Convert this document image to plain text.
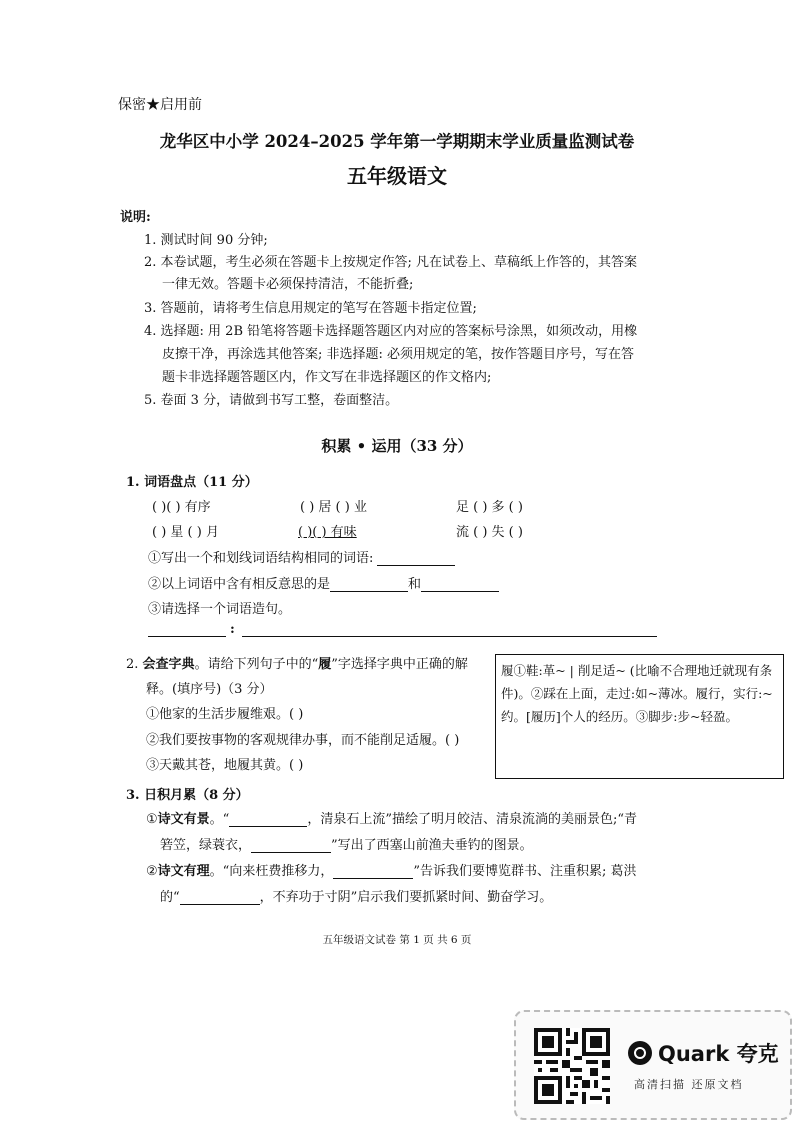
保密★启用前
龙华区中小学 2024–2025 学年第一学期期末学业质量监测试卷
五年级语文
说明:
1. 测试时间 90 分钟;
2. 本卷试题，考生必须在答题卡上按规定作答; 凡在试卷上、草稿纸上作答的，其答案
一律无效。答题卡必须保持清洁，不能折叠;
3. 答题前，请将考生信息用规定的笔写在答题卡指定位置;
4. 选择题: 用 2B 铅笔将答题卡选择题答题区内对应的答案标号涂黑，如须改动，用橡
皮擦干净，再涂选其他答案; 非选择题: 必须用规定的笔，按作答题目序号，写在答
题卡非选择题答题区内，作文写在非选择题区的作文格内;
5. 卷面 3 分，请做到书写工整，卷面整洁。
积累 • 运用（33 分）
1. 词语盘点（11 分）
( )( ) 有序	( ) 居 ( ) 业	足 ( ) 多 ( )
( ) 星 ( ) 月	( )( ) 有味	流 ( ) 失 ( )
①写出一个和划线词语结构相同的词语:
②以上词语中含有相反意思的是	和
③请选择一个词语造句。
:
2. 会查字典。请给下列句子中的“履”字选择字典中正确的解
释。(填序号)（3 分）
①他家的生活步履维艰。( )
②我们要按事物的客观规律办事，而不能削足适履。( )
③天戴其苍，地履其黄。( )
履①鞋:革~ | 削足适~ (比喻不合理地迁就现有条件)。②踩在上面，走过:如~薄冰。履行，实行:~约。[履历]个人的经历。③脚步:步~轻盈。
3. 日积月累（8 分）
①诗文有景。“	，清泉石上流”描绘了明月皎洁、清泉流淌的美丽景色;“青
箬笠，绿蓑衣，	”写出了西塞山前渔夫垂钓的图景。
②诗文有理。“向来枉费推移力，	”告诉我们要博览群书、注重积累; 葛洪
的“	，不弃功于寸阴”启示我们要抓紧时间、勤奋学习。
五年级语文试卷 第 1 页 共 6 页
Quark 夸克
高清扫描 还原文档
